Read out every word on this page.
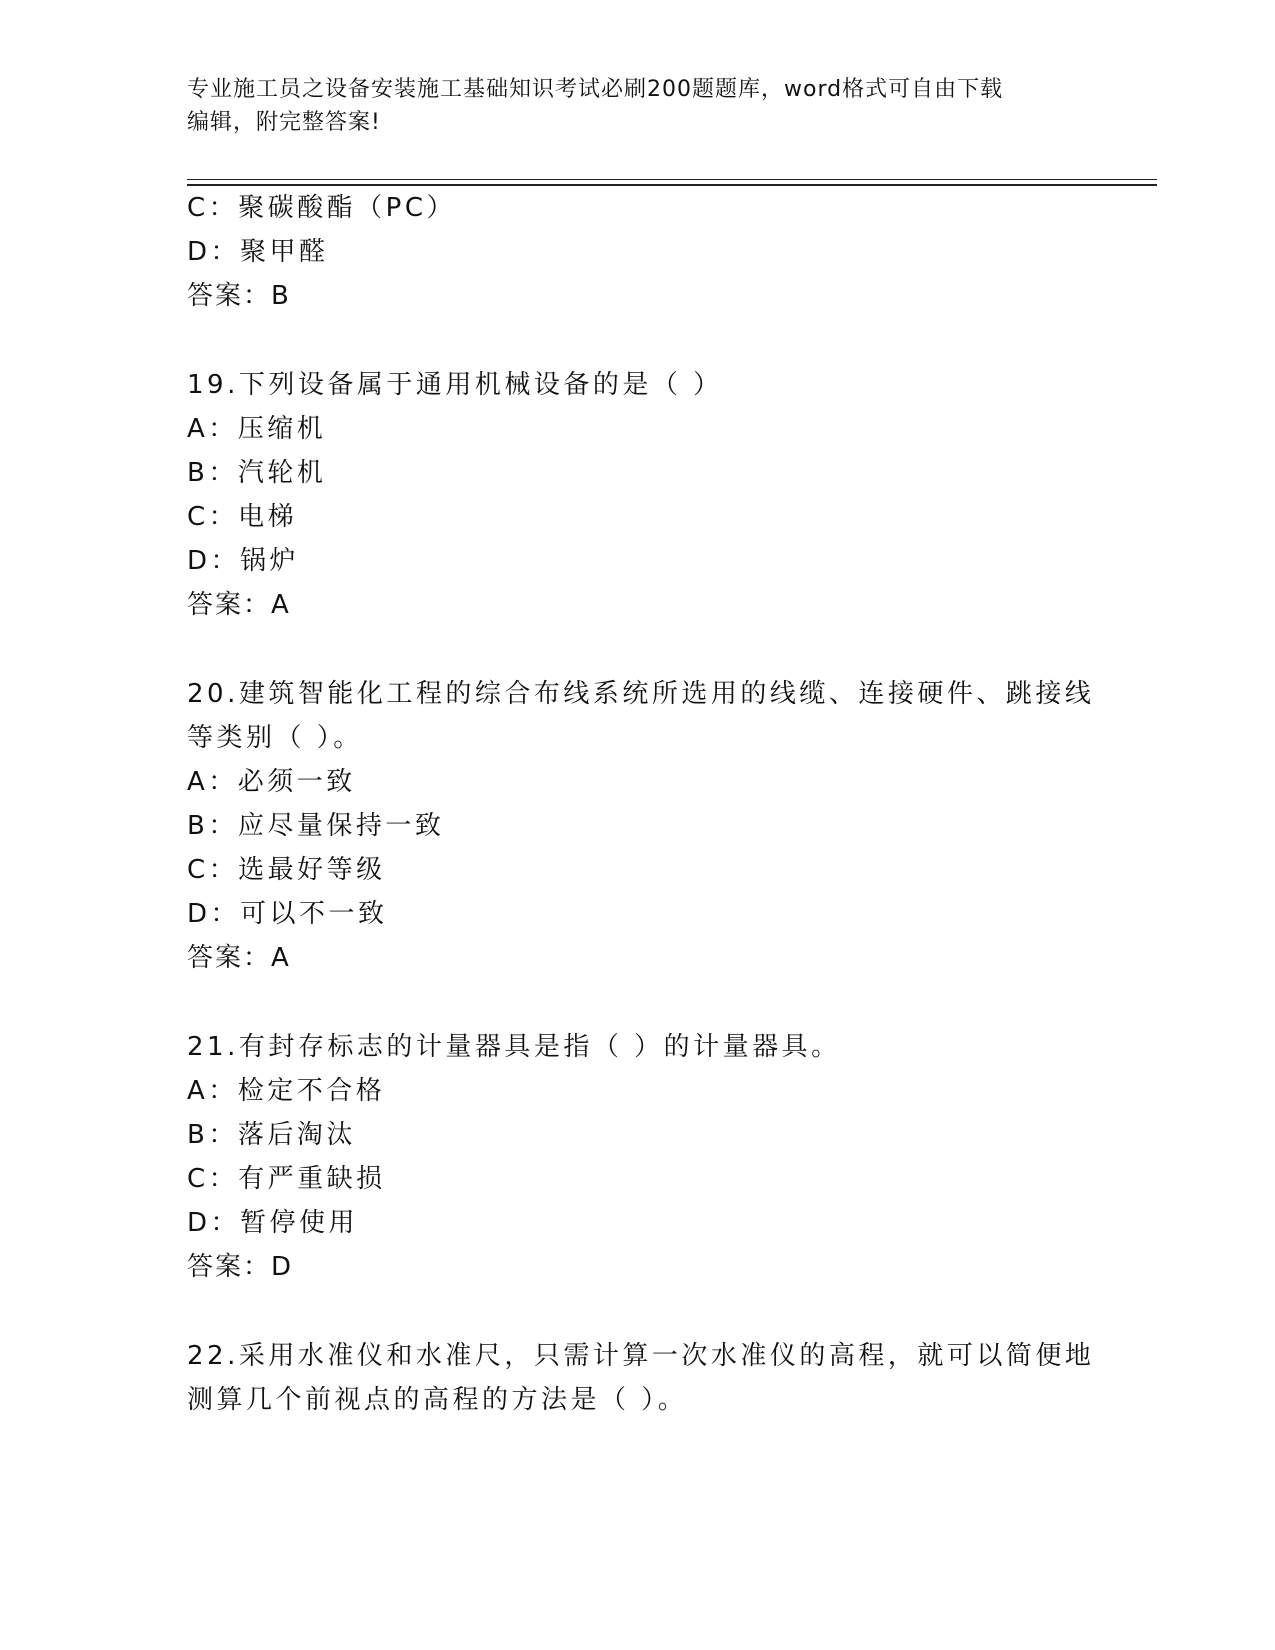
专业施工员之设备安装施工基础知识考试必刷200题题库，word格式可自由下载
编辑，附完整答案!
C：聚碳酸酯（PC）
D：聚甲醛
答案：B
19.下列设备属于通用机械设备的是（ ）
A：压缩机
B：汽轮机
C：电梯
D：锅炉
答案：A
20.建筑智能化工程的综合布线系统所选用的线缆、连接硬件、跳接线
等类别（ ）。
A：必须一致
B：应尽量保持一致
C：选最好等级
D：可以不一致
答案：A
21.有封存标志的计量器具是指（ ）的计量器具。
A：检定不合格
B：落后淘汰
C：有严重缺损
D：暂停使用
答案：D
22.采用水准仪和水准尺，只需计算一次水准仪的高程，就可以简便地
测算几个前视点的高程的方法是（ ）。
